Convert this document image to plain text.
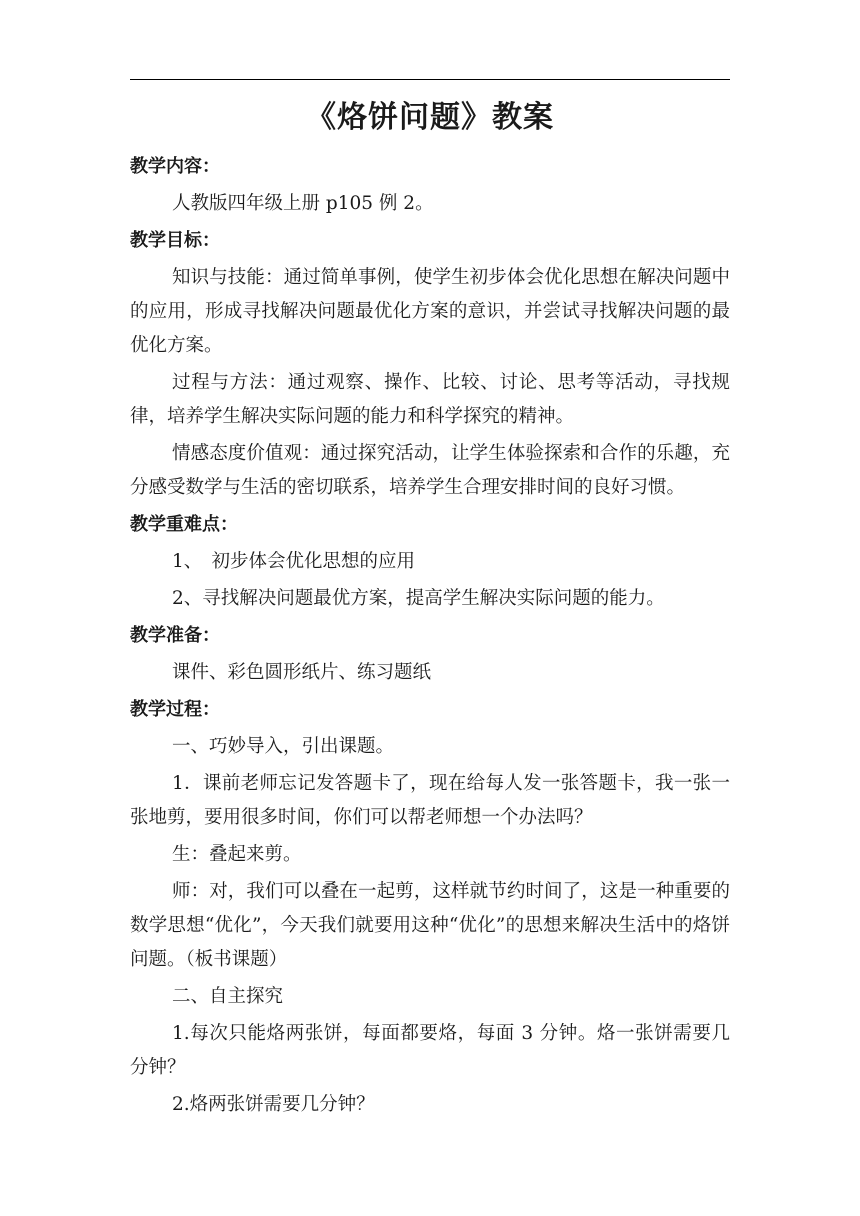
《烙饼问题》教案

教学内容：

人教版四年级上册 p105 例 2。

教学目标：

知识与技能：通过简单事例，使学生初步体会优化思想在解决问题中的应用，形成寻找解决问题最优化方案的意识，并尝试寻找解决问题的最优化方案。

过程与方法：通过观察、操作、比较、讨论、思考等活动，寻找规律，培养学生解决实际问题的能力和科学探究的精神。

情感态度价值观：通过探究活动，让学生体验探索和合作的乐趣，充分感受数学与生活的密切联系，培养学生合理安排时间的良好习惯。

教学重难点：

1、　初步体会优化思想的应用

2、寻找解决问题最优方案，提高学生解决实际问题的能力。

教学准备：

课件、彩色圆形纸片、练习题纸

教学过程：

一、巧妙导入，引出课题。

1．课前老师忘记发答题卡了，现在给每人发一张答题卡，我一张一张地剪，要用很多时间，你们可以帮老师想一个办法吗？

生：叠起来剪。

师：对，我们可以叠在一起剪，这样就节约时间了，这是一种重要的数学思想“优化”，今天我们就要用这种“优化”的思想来解决生活中的烙饼问题。（板书课题）

二、自主探究

1.每次只能烙两张饼，每面都要烙，每面 3 分钟。烙一张饼需要几分钟？

2.烙两张饼需要几分钟？
